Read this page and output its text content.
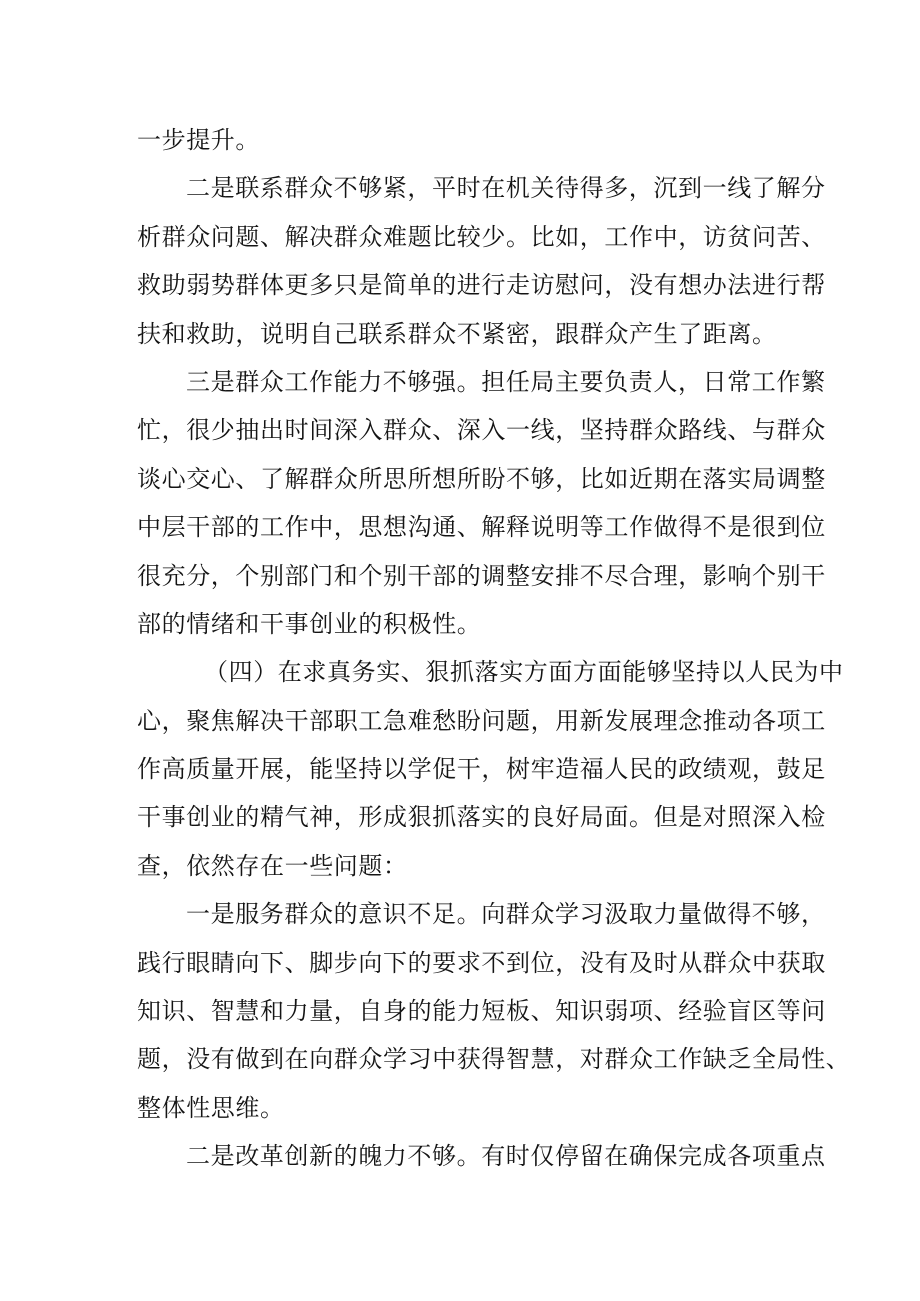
一步提升。
二是联系群众不够紧，平时在机关待得多，沉到一线了解分
析群众问题、解决群众难题比较少。比如，工作中，访贫问苦、
救助弱势群体更多只是简单的进行走访慰问，没有想办法进行帮
扶和救助，说明自己联系群众不紧密，跟群众产生了距离。
三是群众工作能力不够强。担任局主要负责人，日常工作繁
忙，很少抽出时间深入群众、深入一线，坚持群众路线、与群众
谈心交心、了解群众所思所想所盼不够，比如近期在落实局调整
中层干部的工作中，思想沟通、解释说明等工作做得不是很到位
很充分，个别部门和个别干部的调整安排不尽合理，影响个别干
部的情绪和干事创业的积极性。
（四）在求真务实、狠抓落实方面方面能够坚持以人民为中
心，聚焦解决干部职工急难愁盼问题，用新发展理念推动各项工
作高质量开展，能坚持以学促干，树牢造福人民的政绩观，鼓足
干事创业的精气神，形成狠抓落实的良好局面。但是对照深入检
查，依然存在一些问题：
一是服务群众的意识不足。向群众学习汲取力量做得不够，
践行眼睛向下、脚步向下的要求不到位，没有及时从群众中获取
知识、智慧和力量，自身的能力短板、知识弱项、经验盲区等问
题，没有做到在向群众学习中获得智慧，对群众工作缺乏全局性、
整体性思维。
二是改革创新的魄力不够。有时仅停留在确保完成各项重点
